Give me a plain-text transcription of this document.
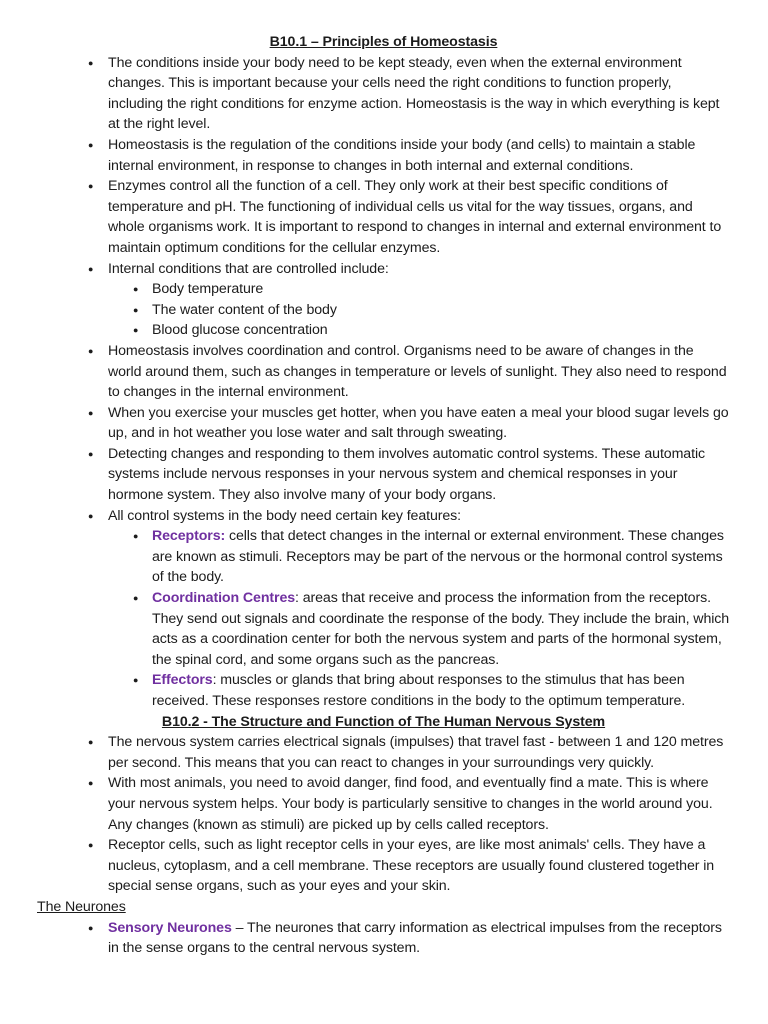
B10.1 – Principles of Homeostasis
● The conditions inside your body need to be kept steady, even when the external environment changes. This is important because your cells need the right conditions to function properly, including the right conditions for enzyme action. Homeostasis is the way in which everything is kept at the right level.
● Homeostasis is the regulation of the conditions inside your body (and cells) to maintain a stable internal environment, in response to changes in both internal and external conditions.
● Enzymes control all the function of a cell. They only work at their best specific conditions of temperature and pH. The functioning of individual cells us vital for the way tissues, organs, and whole organisms work. It is important to respond to changes in internal and external environment to maintain optimum conditions for the cellular enzymes.
● Internal conditions that are controlled include:
● Body temperature
● The water content of the body
● Blood glucose concentration
● Homeostasis involves coordination and control. Organisms need to be aware of changes in the world around them, such as changes in temperature or levels of sunlight. They also need to respond to changes in the internal environment.
● When you exercise your muscles get hotter, when you have eaten a meal your blood sugar levels go up, and in hot weather you lose water and salt through sweating.
● Detecting changes and responding to them involves automatic control systems. These automatic systems include nervous responses in your nervous system and chemical responses in your hormone system. They also involve many of your body organs.
● All control systems in the body need certain key features:
● Receptors: cells that detect changes in the internal or external environment. These changes are known as stimuli. Receptors may be part of the nervous or the hormonal control systems of the body.
● Coordination Centres: areas that receive and process the information from the receptors. They send out signals and coordinate the response of the body. They include the brain, which acts as a coordination center for both the nervous system and parts of the hormonal system, the spinal cord, and some organs such as the pancreas.
● Effectors: muscles or glands that bring about responses to the stimulus that has been received. These responses restore conditions in the body to the optimum temperature.
B10.2 - The Structure and Function of The Human Nervous System
● The nervous system carries electrical signals (impulses) that travel fast - between 1 and 120 metres per second. This means that you can react to changes in your surroundings very quickly.
● With most animals, you need to avoid danger, find food, and eventually find a mate. This is where your nervous system helps. Your body is particularly sensitive to changes in the world around you. Any changes (known as stimuli) are picked up by cells called receptors.
● Receptor cells, such as light receptor cells in your eyes, are like most animals' cells. They have a nucleus, cytoplasm, and a cell membrane. These receptors are usually found clustered together in special sense organs, such as your eyes and your skin.
The Neurones
● Sensory Neurones – The neurones that carry information as electrical impulses from the receptors in the sense organs to the central nervous system.
